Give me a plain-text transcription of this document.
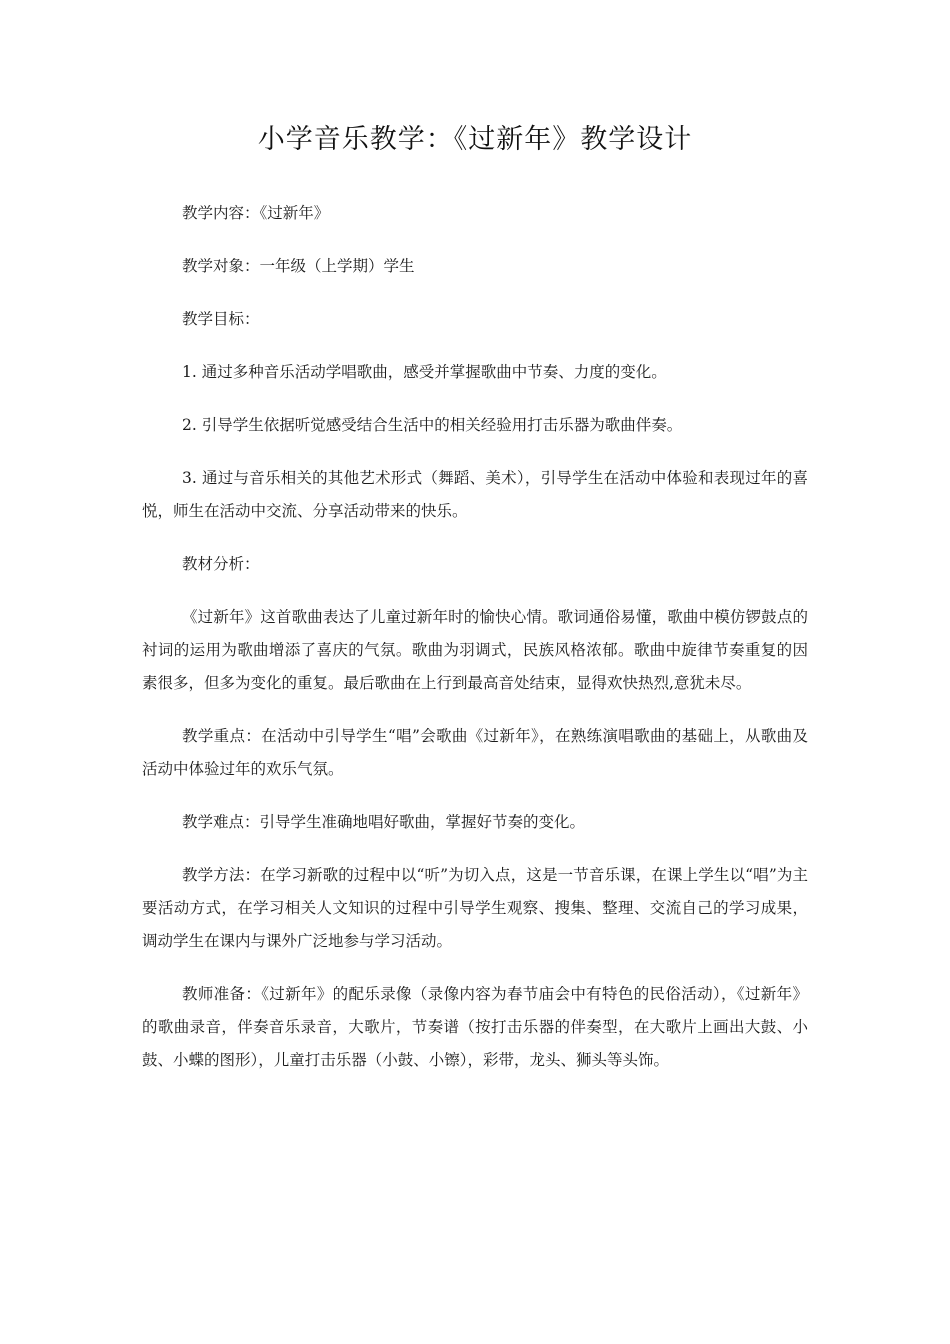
小学音乐教学：《过新年》教学设计

教学内容：《过新年》

教学对象：一年级（上学期）学生

教学目标：

1. 通过多种音乐活动学唱歌曲，感受并掌握歌曲中节奏、力度的变化。

2. 引导学生依据听觉感受结合生活中的相关经验用打击乐器为歌曲伴奏。

3. 通过与音乐相关的其他艺术形式（舞蹈、美术），引导学生在活动中体验和表现过年的喜悦，师生在活动中交流、分享活动带来的快乐。

教材分析：

《过新年》这首歌曲表达了儿童过新年时的愉快心情。歌词通俗易懂，歌曲中模仿锣鼓点的衬词的运用为歌曲增添了喜庆的气氛。歌曲为羽调式，民族风格浓郁。歌曲中旋律节奏重复的因素很多，但多为变化的重复。最后歌曲在上行到最高音处结束，显得欢快热烈,意犹未尽。

教学重点：在活动中引导学生“唱”会歌曲《过新年》，在熟练演唱歌曲的基础上，从歌曲及活动中体验过年的欢乐气氛。

教学难点：引导学生准确地唱好歌曲，掌握好节奏的变化。

教学方法：在学习新歌的过程中以“听”为切入点，这是一节音乐课，在课上学生以“唱”为主要活动方式，在学习相关人文知识的过程中引导学生观察、搜集、整理、交流自己的学习成果，调动学生在课内与课外广泛地参与学习活动。

教师准备：《过新年》的配乐录像（录像内容为春节庙会中有特色的民俗活动），《过新年》的歌曲录音，伴奏音乐录音，大歌片，节奏谱（按打击乐器的伴奏型，在大歌片上画出大鼓、小鼓、小蝶的图形），儿童打击乐器（小鼓、小镲），彩带，龙头、狮头等头饰。
